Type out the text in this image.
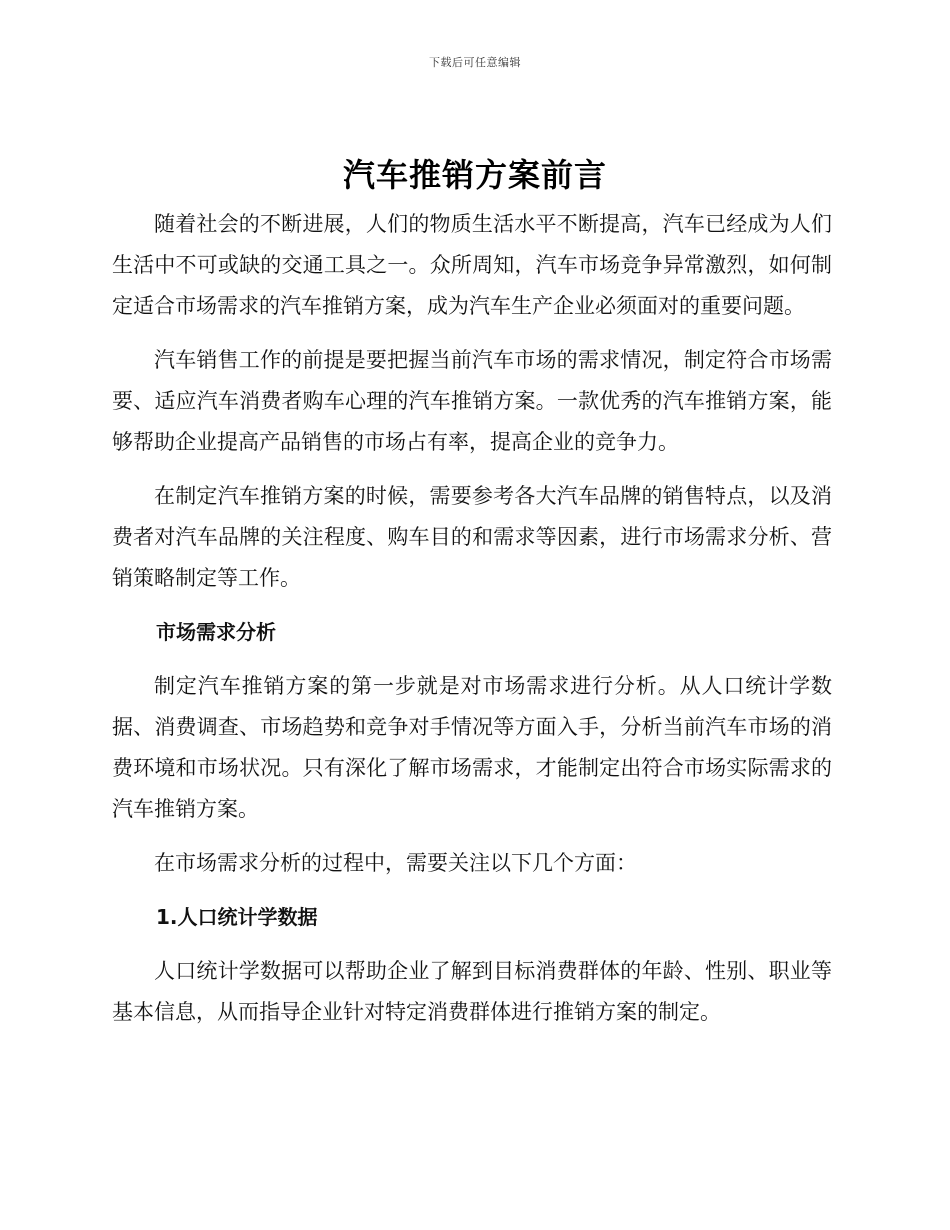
下载后可任意编辑
汽车推销方案前言

随着社会的不断进展，人们的物质生活水平不断提高，汽车已经成为人们生活中不可或缺的交通工具之一。众所周知，汽车市场竞争异常激烈，如何制定适合市场需求的汽车推销方案，成为汽车生产企业必须面对的重要问题。

汽车销售工作的前提是要把握当前汽车市场的需求情况，制定符合市场需要、适应汽车消费者购车心理的汽车推销方案。一款优秀的汽车推销方案，能够帮助企业提高产品销售的市场占有率，提高企业的竞争力。

在制定汽车推销方案的时候，需要参考各大汽车品牌的销售特点，以及消费者对汽车品牌的关注程度、购车目的和需求等因素，进行市场需求分析、营销策略制定等工作。

市场需求分析

制定汽车推销方案的第一步就是对市场需求进行分析。从人口统计学数据、消费调查、市场趋势和竞争对手情况等方面入手，分析当前汽车市场的消费环境和市场状况。只有深化了解市场需求，才能制定出符合市场实际需求的汽车推销方案。

在市场需求分析的过程中，需要关注以下几个方面：

1.人口统计学数据

人口统计学数据可以帮助企业了解到目标消费群体的年龄、性别、职业等基本信息，从而指导企业针对特定消费群体进行推销方案的制定。
